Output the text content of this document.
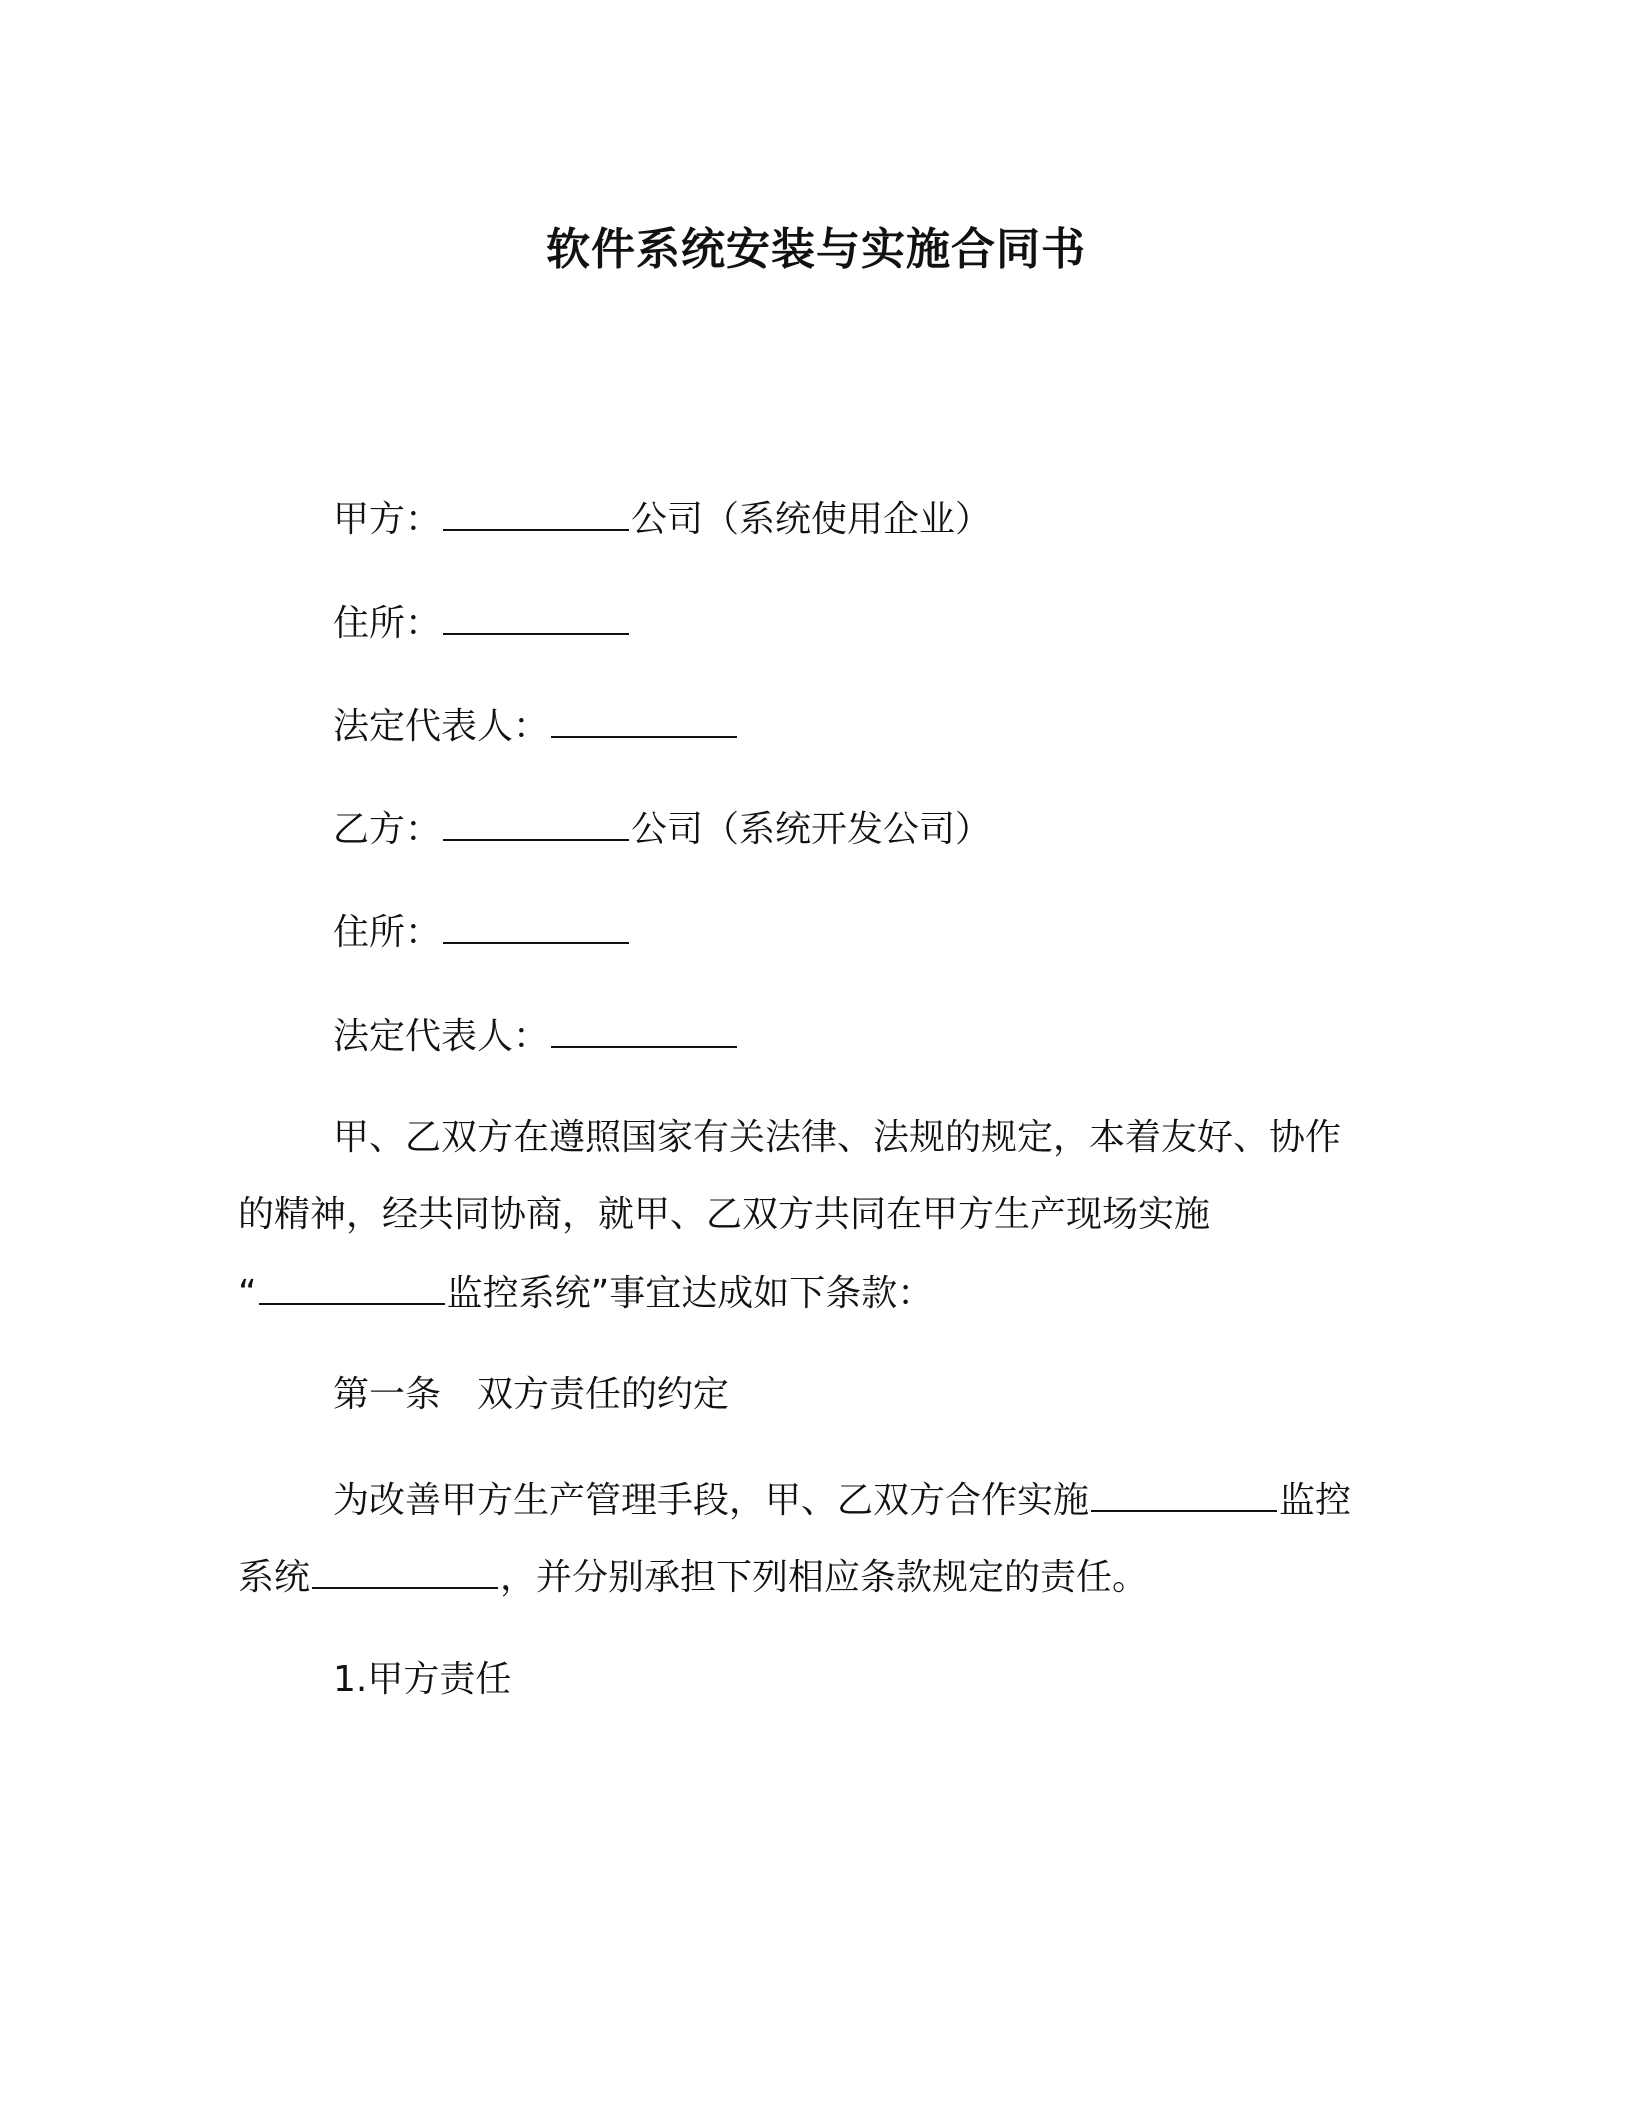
软件系统安装与实施合同书
甲方：	公司（系统使用企业）
住所：
法定代表人：
乙方：	公司（系统开发公司）
住所：
法定代表人：
甲、乙双方在遵照国家有关法律、法规的规定，本着友好、协作
的精神，经共同协商，就甲、乙双方共同在甲方生产现场实施
“	监控系统”事宜达成如下条款：
第一条　双方责任的约定
为改善甲方生产管理手段，甲、乙双方合作实施	监控
系统	，并分别承担下列相应条款规定的责任。
1.甲方责任
